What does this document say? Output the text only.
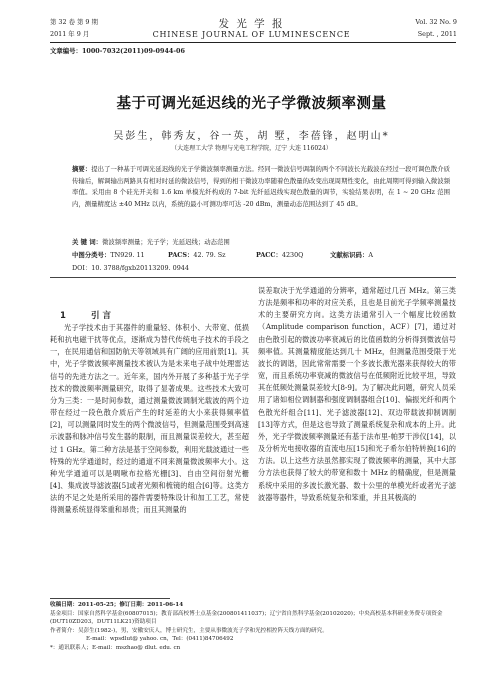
第 32 卷 第 9 期
2011 年 9 月
发 光 学 报
CHINESE JOURNAL OF LUMINESCENCE
Vol. 32 No. 9
Sept. , 2011
文章编号：1000-7032(2011)09-0944-06
基于可调光延迟线的光子学微波频率测量
吴彭生，韩秀友，谷一英，胡 墅，李蓓锋，赵明山*
（大连理工大学 物理与光电工程学院，辽宁 大连 116024）
摘要：提出了一种基于可调光延迟线的光子学微波频率测量方法。经同一微波信号调制的两个不同波长光载波在经过一段可调色散介质传输后，解调输出两路具有相对时延的微波信号，得到的相干微波功率随着色散量的改变出现周期性变化，由此周期可得到输入微波频率值。采用由 8 个硅光开关和 1.6 km 单模光纤构成的 7-bit 光纤延迟线实现色散量的调节，实验结果表明，在 1 ~ 20 GHz 范围内，测量精度达 ±40 MHz 以内，系统的最小可测功率可达 -20 dBm，测量动态范围达到了 45 dB。
关 键 词：微波频率测量；光子学；光延迟线；动态范围
中图分类号：TN929. 11	PACS：42. 79. Sz	PACC：4230Q	文献标识码：A
DOI：10. 3788/fgxb20113209. 0944
1	引 言

光子学技术由于其器件的重量轻、体积小、大带宽、低损耗和抗电磁干扰等优点，逐渐成为替代传统电子技术的手段之一，在民用通信和国防航天等领域具有广阔的应用前景[1]。其中，光子学微波频率测量技术被认为是未来电子战中处理雷达信号的先进方法之一。近年来，国内外开展了多种基于光子学技术的微波频率测量研究，取得了显著成果。这些技术大致可分为三类：一是时间参数，通过测量微波调制光载波的两个边带在经过一段色散介质后产生的时延差的大小来获得频率值[2]，可以测量同时发生的两个微波信号，但测量范围受到高速示波器和脉冲信号发生器的限制，而且测量误差较大，甚至超过 1 GHz。第二种方法是基于空间参数，利用光载波通过一些特殊的光学通道时，经过的通道不同来测量微波频率大小。这种光学通道可以是啁啾布拉格光栅[3]、自由空间衍射光栅[4]、集成波导滤波器[5]或者光频和梳镜的组合[6]等。这类方法的不足之处是所采用的器件需要特殊设计和加工工艺，常使得测量系统显得笨重和昂贵；而且其测量的

误差取决于光学通道的分辨率，通常超过几百 MHz。第三类方法是频率和功率的对应关系，且也是目前光子学频率测量技术的主要研究方向。这类方法通常引入一个幅度比较函数（Amplitude comparison function，ACF）[7]，通过对由色散引起的微波功率衰减后的比值函数的分析得到微波信号频率值。其测量精度能达到几十 MHz，但测量范围受限于光波长的调谐，因此常常需要一个多波长激光器来获得较大的带宽，而且系统功率衰减的微波信号在低频附近比较平坦，导致其在低频处测量误差较大[8-9]。为了解决此问题，研究人员采用了诸如相位调制器和强度调制器组合[10]、偏振光纤和两个色散光纤组合[11]、光子滤波器[12]、双边带载波抑制调制[13]等方式，但是这也导致了测量系统复杂和成本的上升。此外，光子学微波频率测量还有基于法布里-帕罗干涉仪[14]，以及分析光电接收器的直流电压[15]和光子希尔伯特转换[16]的方法。以上这些方法虽然都实现了微波频率的测量，其中大部分方法也获得了较大的带宽和数十 MHz 的精确度，但是测量系统中采用的多波长激光器、数十公里的单模光纤或者光子滤波器等器件，导致系统复杂和笨重，并且其极高的

收稿日期：2011-05-25；修订日期：2011-06-14
基金项目：国家自然科学基金(60807015)；教育部高校博士点基金(200801411037)；辽宁省自然科学基金(20102020)；中央高校基本科研业务费专项资金(DUT10ZD203，DUT11LK21)资助项目
作者简介：吴彭生(1982-)，男，安徽安庆人，博士研究生，主要从事微波光子学和光控相控阵天线方面的研究。
E-mail：wpsdlut@ yahoo. cn，Tel：(0411)84706492
*：通讯联系人；E-mail：mszhao@ dlut. edu. cn
